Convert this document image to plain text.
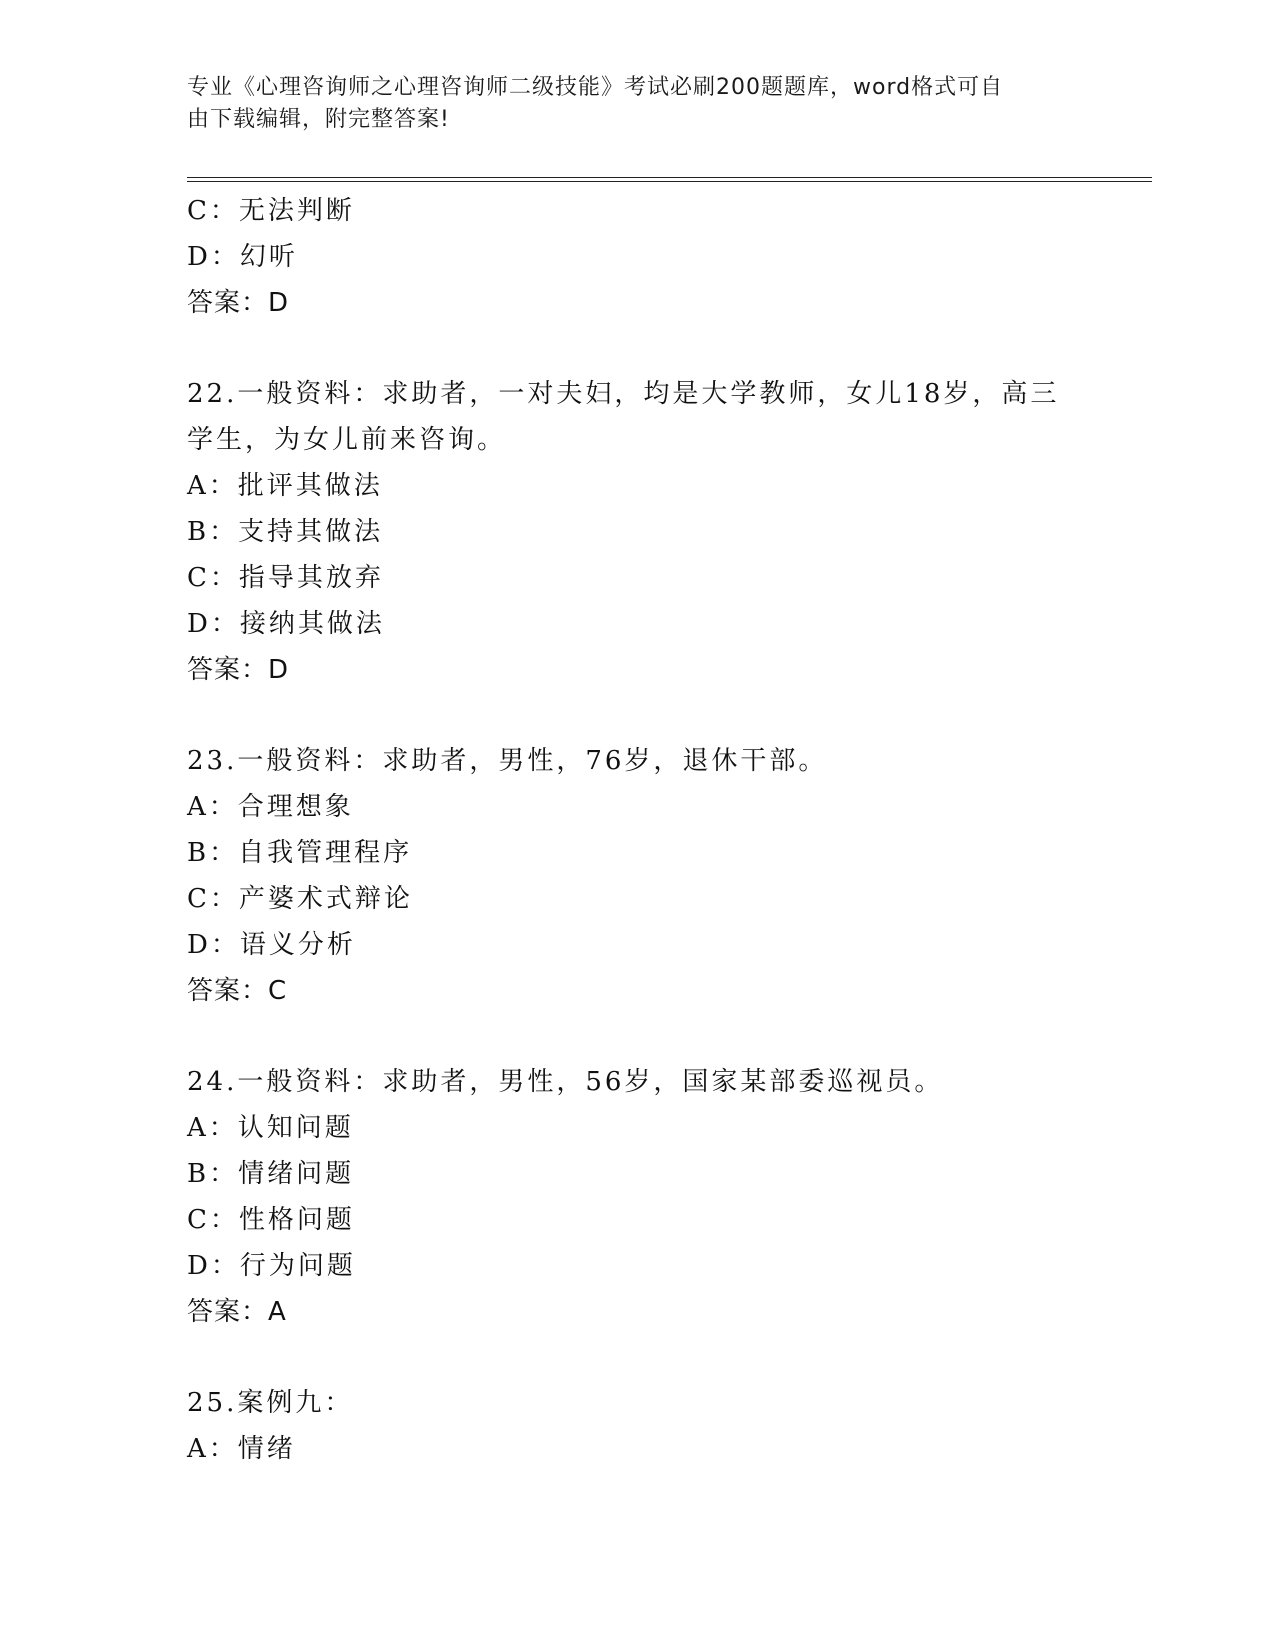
专业《心理咨询师之心理咨询师二级技能》考试必刷200题题库，word格式可自
由下载编辑，附完整答案!
C：无法判断
D：幻听
答案：D
22.一般资料：求助者，一对夫妇，均是大学教师，女儿18岁，高三
学生，为女儿前来咨询。
A：批评其做法
B：支持其做法
C：指导其放弃
D：接纳其做法
答案：D
23.一般资料：求助者，男性，76岁，退休干部。
A：合理想象
B：自我管理程序
C：产婆术式辩论
D：语义分析
答案：C
24.一般资料：求助者，男性，56岁，国家某部委巡视员。
A：认知问题
B：情绪问题
C：性格问题
D：行为问题
答案：A
25.案例九：
A：情绪
